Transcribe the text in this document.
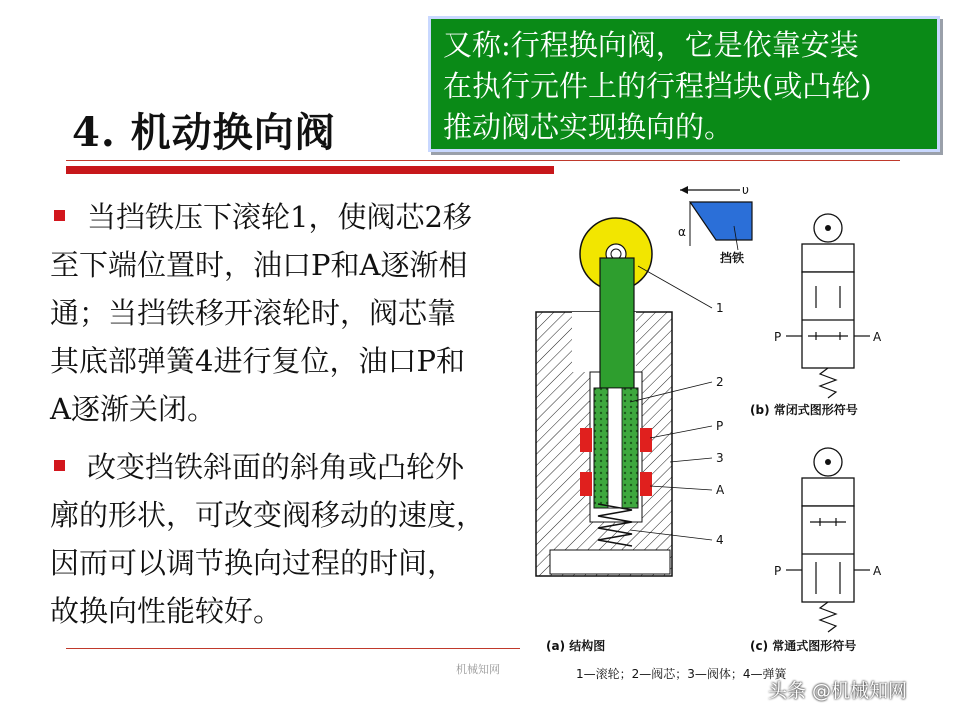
又称:行程换向阀，它是依靠安装
在执行元件上的行程挡块(或凸轮)
推动阀芯实现换向的。
4. 机动换向阀
当挡铁压下滚轮1，使阀芯2移
至下端位置时，油口P和A逐渐相
通；当挡铁移开滚轮时，阀芯靠
其底部弹簧4进行复位，油口P和
A逐渐关闭。
改变挡铁斜面的斜角或凸轮外
廓的形状，可改变阀移动的速度，
因而可以调节换向过程的时间，
故换向性能较好。
机械知网
υ
α
挡铁
1
2
P
3
A
4
P	A
(b) 常闭式图形符号
P	A
(c) 常通式图形符号
(a) 结构图
1—滚轮；2—阀芯；3—阀体；4—弹簧
头条 @机械知网
